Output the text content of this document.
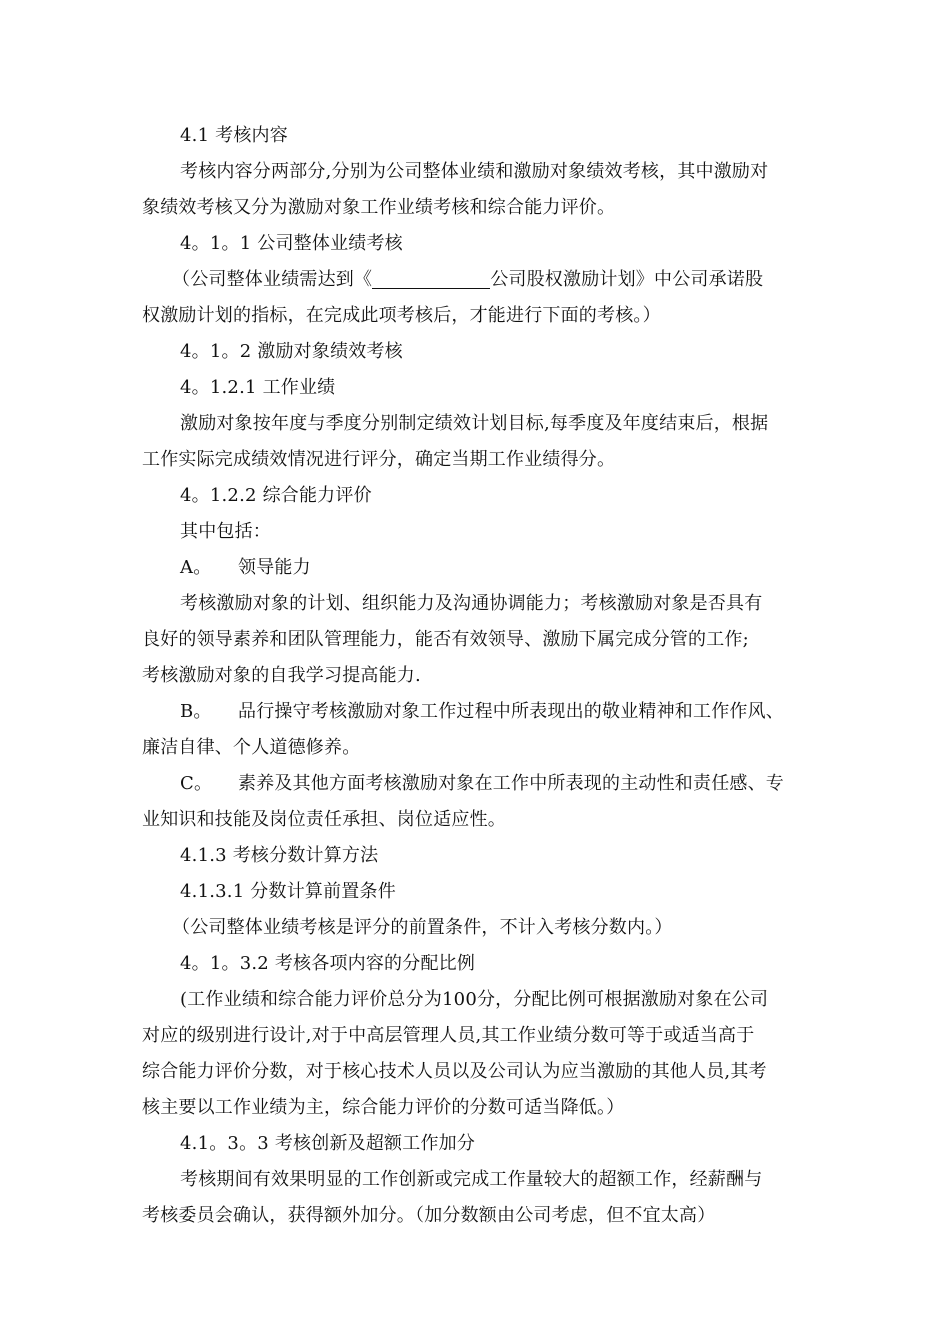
4.1 考核内容
考核内容分两部分,分别为公司整体业绩和激励对象绩效考核，其中激励对
象绩效考核又分为激励对象工作业绩考核和综合能力评价。
4。1。1 公司整体业绩考核
（公司整体业绩需达到《	公司股权激励计划》中公司承诺股
权激励计划的指标，在完成此项考核后，才能进行下面的考核。）
4。1。2 激励对象绩效考核
4。1.2.1 工作业绩
激励对象按年度与季度分别制定绩效计划目标,每季度及年度结束后，根据
工作实际完成绩效情况进行评分，确定当期工作业绩得分。
4。1.2.2 综合能力评价
其中包括：
A。 领导能力
考核激励对象的计划、组织能力及沟通协调能力；考核激励对象是否具有
良好的领导素养和团队管理能力，能否有效领导、激励下属完成分管的工作;
考核激励对象的自我学习提高能力.
B。 品行操守考核激励对象工作过程中所表现出的敬业精神和工作作风、
廉洁自律、个人道德修养。
C。 素养及其他方面考核激励对象在工作中所表现的主动性和责任感、专
业知识和技能及岗位责任承担、岗位适应性。
4.1.3 考核分数计算方法
4.1.3.1 分数计算前置条件
（公司整体业绩考核是评分的前置条件，不计入考核分数内。）
4。1。3.2 考核各项内容的分配比例
(工作业绩和综合能力评价总分为100分，分配比例可根据激励对象在公司
对应的级别进行设计,对于中高层管理人员,其工作业绩分数可等于或适当高于
综合能力评价分数，对于核心技术人员以及公司认为应当激励的其他人员,其考
核主要以工作业绩为主，综合能力评价的分数可适当降低。）
4.1。3。3 考核创新及超额工作加分
考核期间有效果明显的工作创新或完成工作量较大的超额工作，经薪酬与
考核委员会确认，获得额外加分。（加分数额由公司考虑，但不宜太高）
